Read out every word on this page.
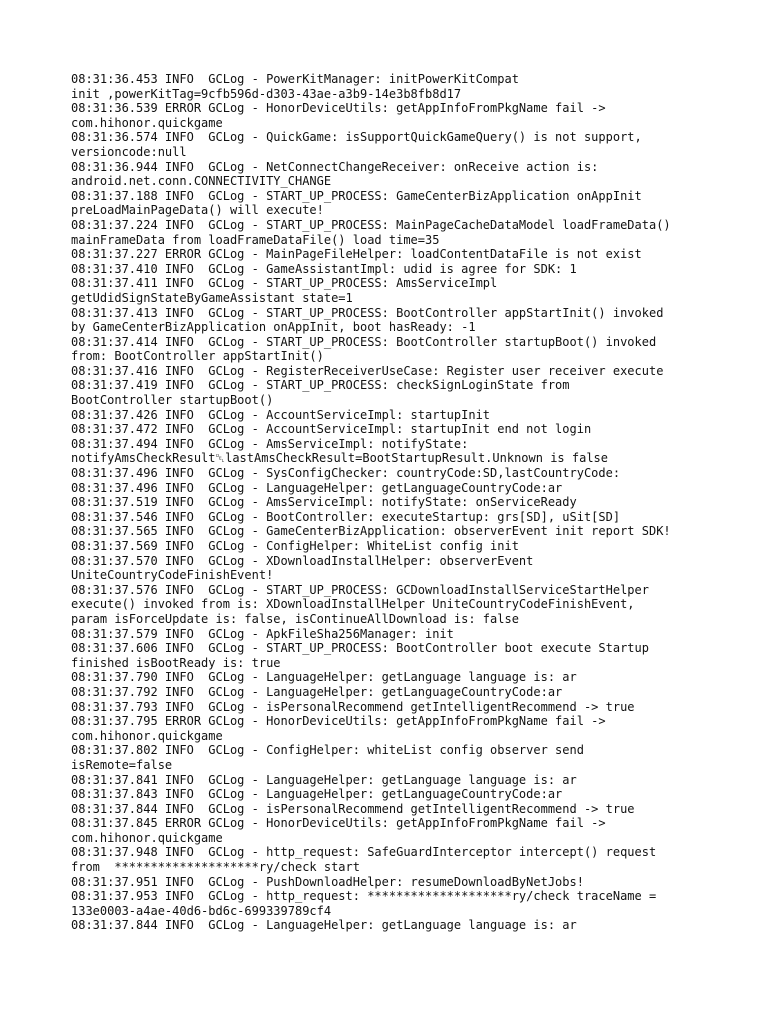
08:31:36.453 INFO  GCLog - PowerKitManager: initPowerKitCompat
init ,powerKitTag=9cfb596d-d303-43ae-a3b9-14e3b8fb8d17
08:31:36.539 ERROR GCLog - HonorDeviceUtils: getAppInfoFromPkgName fail ->
com.hihonor.quickgame
08:31:36.574 INFO  GCLog - QuickGame: isSupportQuickGameQuery() is not support,
versioncode:null
08:31:36.944 INFO  GCLog - NetConnectChangeReceiver: onReceive action is:
android.net.conn.CONNECTIVITY_CHANGE
08:31:37.188 INFO  GCLog - START_UP_PROCESS: GameCenterBizApplication onAppInit
preLoadMainPageData() will execute!
08:31:37.224 INFO  GCLog - START_UP_PROCESS: MainPageCacheDataModel loadFrameData()
mainFrameData from loadFrameDataFile() load time=35
08:31:37.227 ERROR GCLog - MainPageFileHelper: loadContentDataFile is not exist
08:31:37.410 INFO  GCLog - GameAssistantImpl: udid is agree for SDK: 1
08:31:37.411 INFO  GCLog - START_UP_PROCESS: AmsServiceImpl
getUdidSignStateByGameAssistant state=1
08:31:37.413 INFO  GCLog - START_UP_PROCESS: BootController appStartInit() invoked
by GameCenterBizApplication onAppInit, boot hasReady: -1
08:31:37.414 INFO  GCLog - START_UP_PROCESS: BootController startupBoot() invoked
from: BootController appStartInit()
08:31:37.416 INFO  GCLog - RegisterReceiverUseCase: Register user receiver execute
08:31:37.419 INFO  GCLog - START_UP_PROCESS: checkSignLoginState from
BootController startupBoot()
08:31:37.426 INFO  GCLog - AccountServiceImpl: startupInit
08:31:37.472 INFO  GCLog - AccountServiceImpl: startupInit end not login
08:31:37.494 INFO  GCLog - AmsServiceImpl: notifyState:
notifyAmsCheckResult␡lastAmsCheckResult=BootStartupResult.Unknown is false
08:31:37.496 INFO  GCLog - SysConfigChecker: countryCode:SD,lastCountryCode:
08:31:37.496 INFO  GCLog - LanguageHelper: getLanguageCountryCode:ar
08:31:37.519 INFO  GCLog - AmsServiceImpl: notifyState: onServiceReady
08:31:37.546 INFO  GCLog - BootController: executeStartup: grs[SD], uSit[SD]
08:31:37.565 INFO  GCLog - GameCenterBizApplication: observerEvent init report SDK!
08:31:37.569 INFO  GCLog - ConfigHelper: WhiteList config init
08:31:37.570 INFO  GCLog - XDownloadInstallHelper: observerEvent
UniteCountryCodeFinishEvent!
08:31:37.576 INFO  GCLog - START_UP_PROCESS: GCDownloadInstallServiceStartHelper
execute() invoked from is: XDownloadInstallHelper UniteCountryCodeFinishEvent,
param isForceUpdate is: false, isContinueAllDownload is: false
08:31:37.579 INFO  GCLog - ApkFileSha256Manager: init
08:31:37.606 INFO  GCLog - START_UP_PROCESS: BootController boot execute Startup
finished isBootReady is: true
08:31:37.790 INFO  GCLog - LanguageHelper: getLanguage language is: ar
08:31:37.792 INFO  GCLog - LanguageHelper: getLanguageCountryCode:ar
08:31:37.793 INFO  GCLog - isPersonalRecommend getIntelligentRecommend -> true
08:31:37.795 ERROR GCLog - HonorDeviceUtils: getAppInfoFromPkgName fail ->
com.hihonor.quickgame
08:31:37.802 INFO  GCLog - ConfigHelper: whiteList config observer send
isRemote=false
08:31:37.841 INFO  GCLog - LanguageHelper: getLanguage language is: ar
08:31:37.843 INFO  GCLog - LanguageHelper: getLanguageCountryCode:ar
08:31:37.844 INFO  GCLog - isPersonalRecommend getIntelligentRecommend -> true
08:31:37.845 ERROR GCLog - HonorDeviceUtils: getAppInfoFromPkgName fail ->
com.hihonor.quickgame
08:31:37.948 INFO  GCLog - http_request: SafeGuardInterceptor intercept() request
from  ********************ry/check start
08:31:37.951 INFO  GCLog - PushDownloadHelper: resumeDownloadByNetJobs!
08:31:37.953 INFO  GCLog - http_request: ********************ry/check traceName =
133e0003-a4ae-40d6-bd6c-699339789cf4
08:31:37.844 INFO  GCLog - LanguageHelper: getLanguage language is: ar
